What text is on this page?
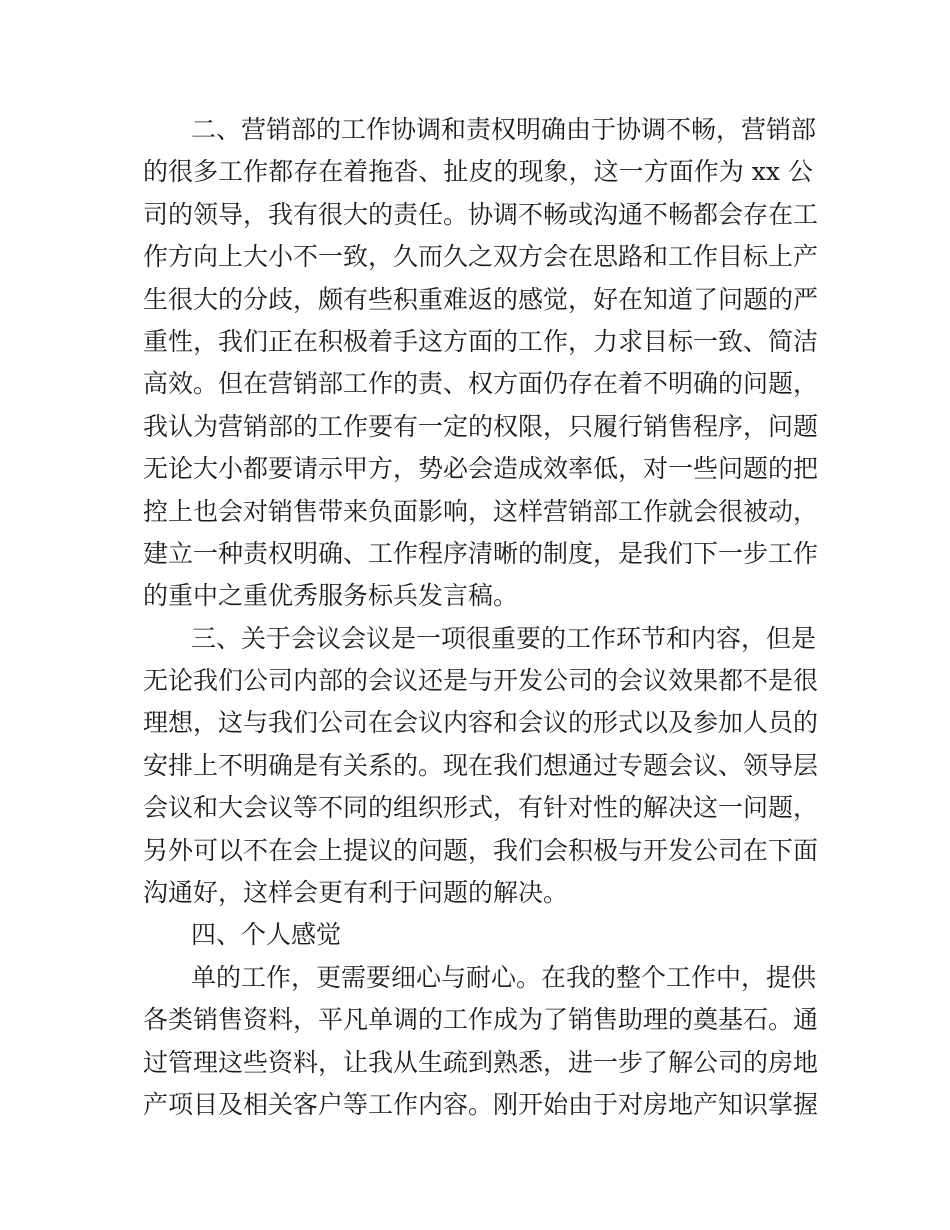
二、营销部的工作协调和责权明确由于协调不畅，营销部
的很多工作都存在着拖沓、扯皮的现象，这一方面作为 xx 公
司的领导，我有很大的责任。协调不畅或沟通不畅都会存在工
作方向上大小不一致，久而久之双方会在思路和工作目标上产
生很大的分歧，颇有些积重难返的感觉，好在知道了问题的严
重性，我们正在积极着手这方面的工作，力求目标一致、简洁
高效。但在营销部工作的责、权方面仍存在着不明确的问题，
我认为营销部的工作要有一定的权限，只履行销售程序，问题
无论大小都要请示甲方，势必会造成效率低，对一些问题的把
控上也会对销售带来负面影响，这样营销部工作就会很被动，
建立一种责权明确、工作程序清晰的制度，是我们下一步工作
的重中之重优秀服务标兵发言稿。
三、关于会议会议是一项很重要的工作环节和内容，但是
无论我们公司内部的会议还是与开发公司的会议效果都不是很
理想，这与我们公司在会议内容和会议的形式以及参加人员的
安排上不明确是有关系的。现在我们想通过专题会议、领导层
会议和大会议等不同的组织形式，有针对性的解决这一问题，
另外可以不在会上提议的问题，我们会积极与开发公司在下面
沟通好，这样会更有利于问题的解决。
四、个人感觉
单的工作，更需要细心与耐心。在我的整个工作中，提供
各类销售资料，平凡单调的工作成为了销售助理的奠基石。通
过管理这些资料，让我从生疏到熟悉，进一步了解公司的房地
产项目及相关客户等工作内容。刚开始由于对房地产知识掌握
